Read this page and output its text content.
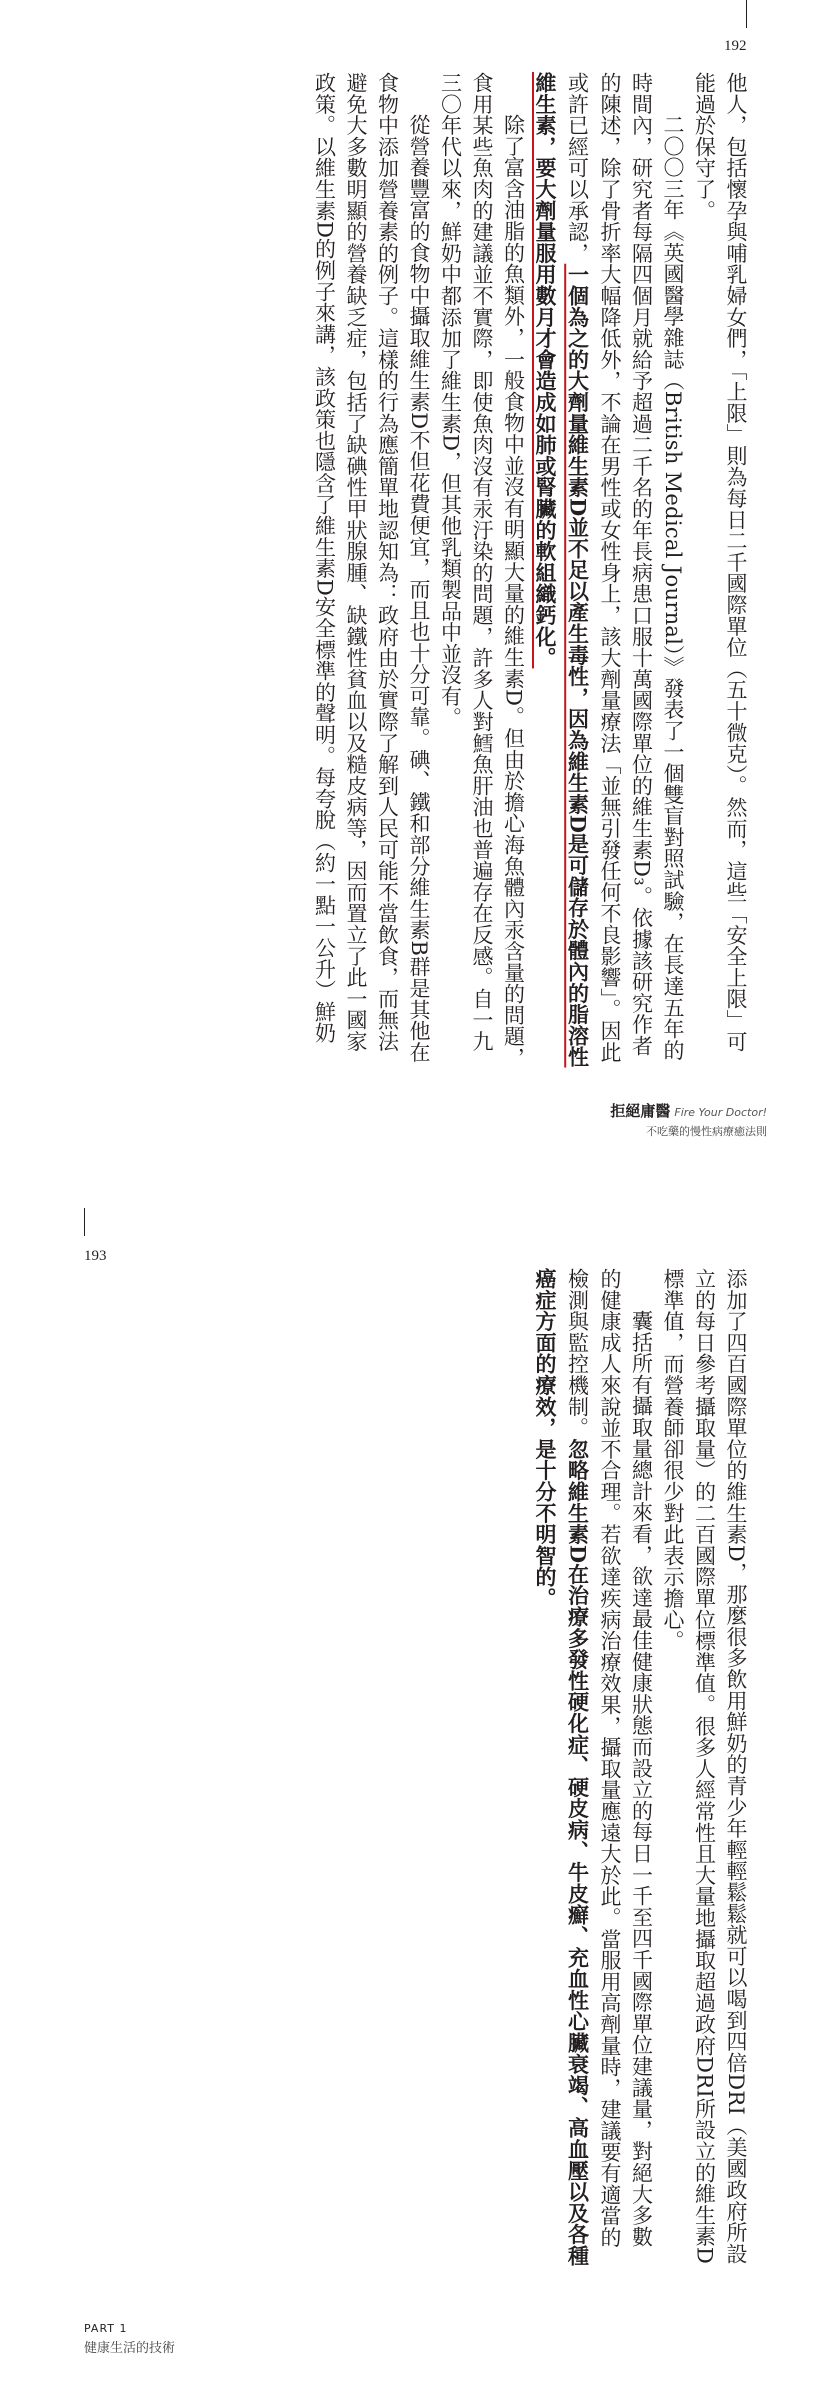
192

他人，包括懷孕與哺乳婦女們，「上限」則為每日二千國際單位（五十微克）。然而，這些「安全上限」可能過於保守了。

二〇〇三年《英國醫學雜誌（British Medical Journal）》發表了一個雙盲對照試驗，在長達五年的時間內，研究者每隔四個月就給予超過二千名的年長病患口服十萬國際單位的維生素D₃。依據該研究作者的陳述，除了骨折率大幅降低外，不論在男性或女性身上，該大劑量療法「並無引發任何不良影響」。因此或許已經可以承認，一個為之的大劑量維生素D並不足以產生毒性，因為維生素D是可儲存於體內的脂溶性維生素，要大劑量服用數月才會造成如肺或腎臟的軟組織鈣化。

除了富含油脂的魚類外，一般食物中並沒有明顯大量的維生素D。但由於擔心海魚體內汞含量的問題，食用某些魚肉的建議並不實際，即使魚肉沒有汞汙染的問題，許多人對鱈魚肝油也普遍存在反感。自一九三〇年代以來，鮮奶中都添加了維生素D，但其他乳類製品中並沒有。

從營養豐富的食物中攝取維生素D不但花費便宜，而且也十分可靠。碘、鐵和部分維生素B群是其他在食物中添加營養素的例子。這樣的行為應簡單地認知為：政府由於實際了解到人民可能不當飲食，而無法避免大多數明顯的營養缺乏症，包括了缺碘性甲狀腺腫、缺鐵性貧血以及糙皮病等，因而置立了此一國家政策。以維生素D的例子來講，該政策也隱含了維生素D安全標準的聲明。每夸脫（約一點一公升）鮮奶

拒絕庸醫 Fire Your Doctor!
不吃藥的慢性病療癒法則
193

添加了四百國際單位的維生素D，那麼很多飲用鮮奶的青少年輕輕鬆鬆就可以喝到四倍DRI（美國政府所設立的每日參考攝取量）的二百國際單位標準值。很多人經常性且大量地攝取超過政府DRI所設立的維生素D標準值，而營養師卻很少對此表示擔心。

囊括所有攝取量總計來看，欲達最佳健康狀態而設立的每日一千至四千國際單位建議量，對絕大多數的健康成人來說並不合理。若欲達疾病治療效果，攝取量應遠大於此。當服用高劑量時，建議要有適當的檢測與監控機制。忽略維生素D在治療多發性硬化症、硬皮病、牛皮癬、充血性心臟衰竭、高血壓以及各種癌症方面的療效，是十分不明智的。

PART 1
健康生活的技術
